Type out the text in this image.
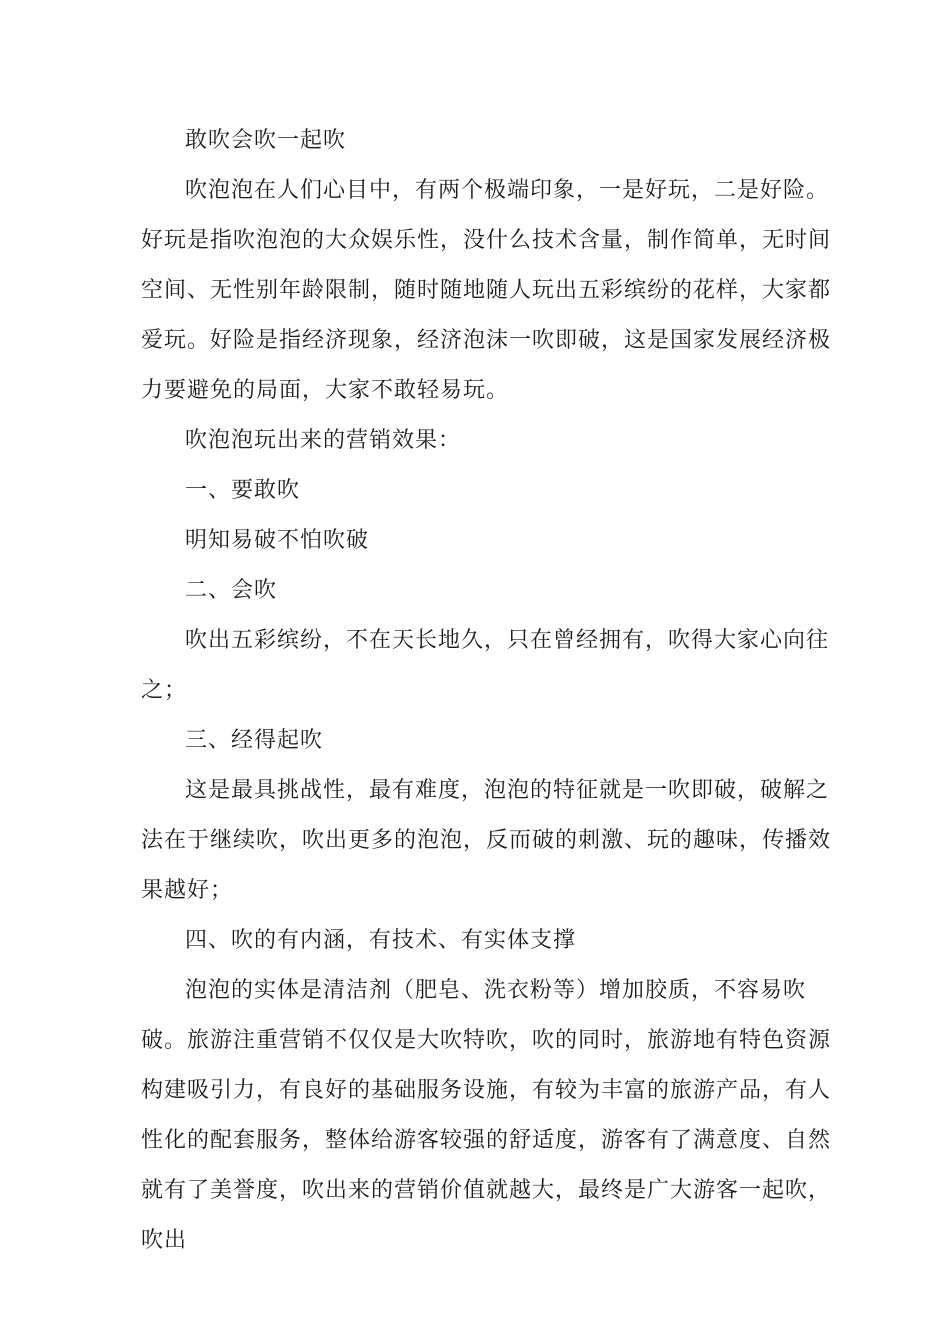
敢吹会吹一起吹

吹泡泡在人们心目中，有两个极端印象，一是好玩，二是好险。好玩是指吹泡泡的大众娱乐性，没什么技术含量，制作简单，无时间空间、无性别年龄限制，随时随地随人玩出五彩缤纷的花样，大家都爱玩。好险是指经济现象，经济泡沫一吹即破，这是国家发展经济极力要避免的局面，大家不敢轻易玩。

吹泡泡玩出来的营销效果：

一、要敢吹

明知易破不怕吹破

二、会吹

吹出五彩缤纷，不在天长地久，只在曾经拥有，吹得大家心向往之；

三、经得起吹

这是最具挑战性，最有难度，泡泡的特征就是一吹即破，破解之法在于继续吹，吹出更多的泡泡，反而破的刺激、玩的趣味，传播效果越好；

四、吹的有内涵，有技术、有实体支撑

泡泡的实体是清洁剂（肥皂、洗衣粉等）增加胶质，不容易吹破。旅游注重营销不仅仅是大吹特吹，吹的同时，旅游地有特色资源构建吸引力，有良好的基础服务设施，有较为丰富的旅游产品，有人性化的配套服务，整体给游客较强的舒适度，游客有了满意度、自然就有了美誉度，吹出来的营销价值就越大，最终是广大游客一起吹，吹出
